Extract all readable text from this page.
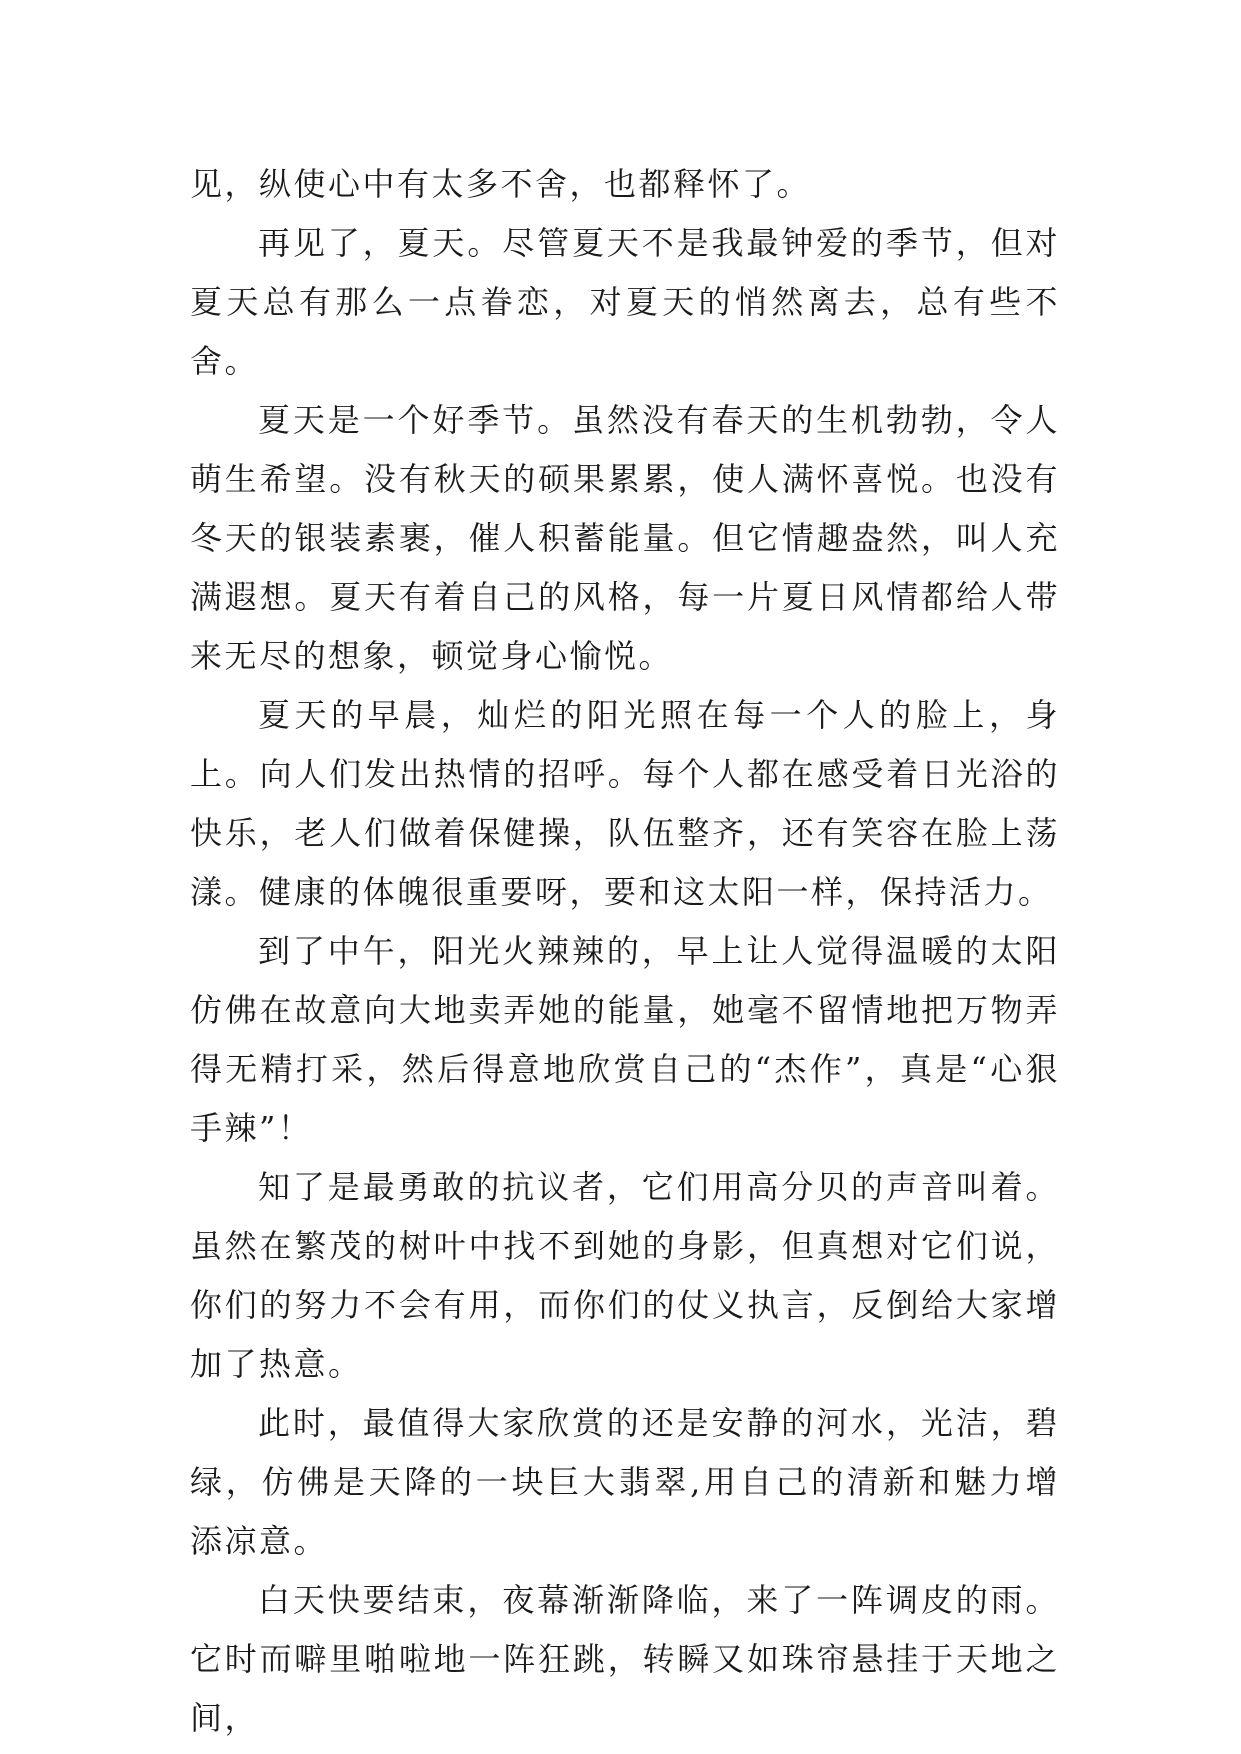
见，纵使心中有太多不舍，也都释怀了。

再见了，夏天。尽管夏天不是我最钟爱的季节，但对夏天总有那么一点眷恋，对夏天的悄然离去，总有些不舍。

夏天是一个好季节。虽然没有春天的生机勃勃，令人萌生希望。没有秋天的硕果累累，使人满怀喜悦。也没有冬天的银装素裹，催人积蓄能量。但它情趣盎然，叫人充满遐想。夏天有着自己的风格，每一片夏日风情都给人带来无尽的想象，顿觉身心愉悦。

夏天的早晨，灿烂的阳光照在每一个人的脸上，身上。向人们发出热情的招呼。每个人都在感受着日光浴的快乐，老人们做着保健操，队伍整齐，还有笑容在脸上荡漾。健康的体魄很重要呀，要和这太阳一样，保持活力。

到了中午，阳光火辣辣的，早上让人觉得温暖的太阳仿佛在故意向大地卖弄她的能量，她毫不留情地把万物弄得无精打采，然后得意地欣赏自己的“杰作”，真是“心狠手辣”！

知了是最勇敢的抗议者，它们用高分贝的声音叫着。虽然在繁茂的树叶中找不到她的身影，但真想对它们说，你们的努力不会有用，而你们的仗义执言，反倒给大家增加了热意。

此时，最值得大家欣赏的还是安静的河水，光洁，碧绿，仿佛是天降的一块巨大翡翠,用自己的清新和魅力增添凉意。

白天快要结束，夜幕渐渐降临，来了一阵调皮的雨。它时而噼里啪啦地一阵狂跳，转瞬又如珠帘悬挂于天地之间，
